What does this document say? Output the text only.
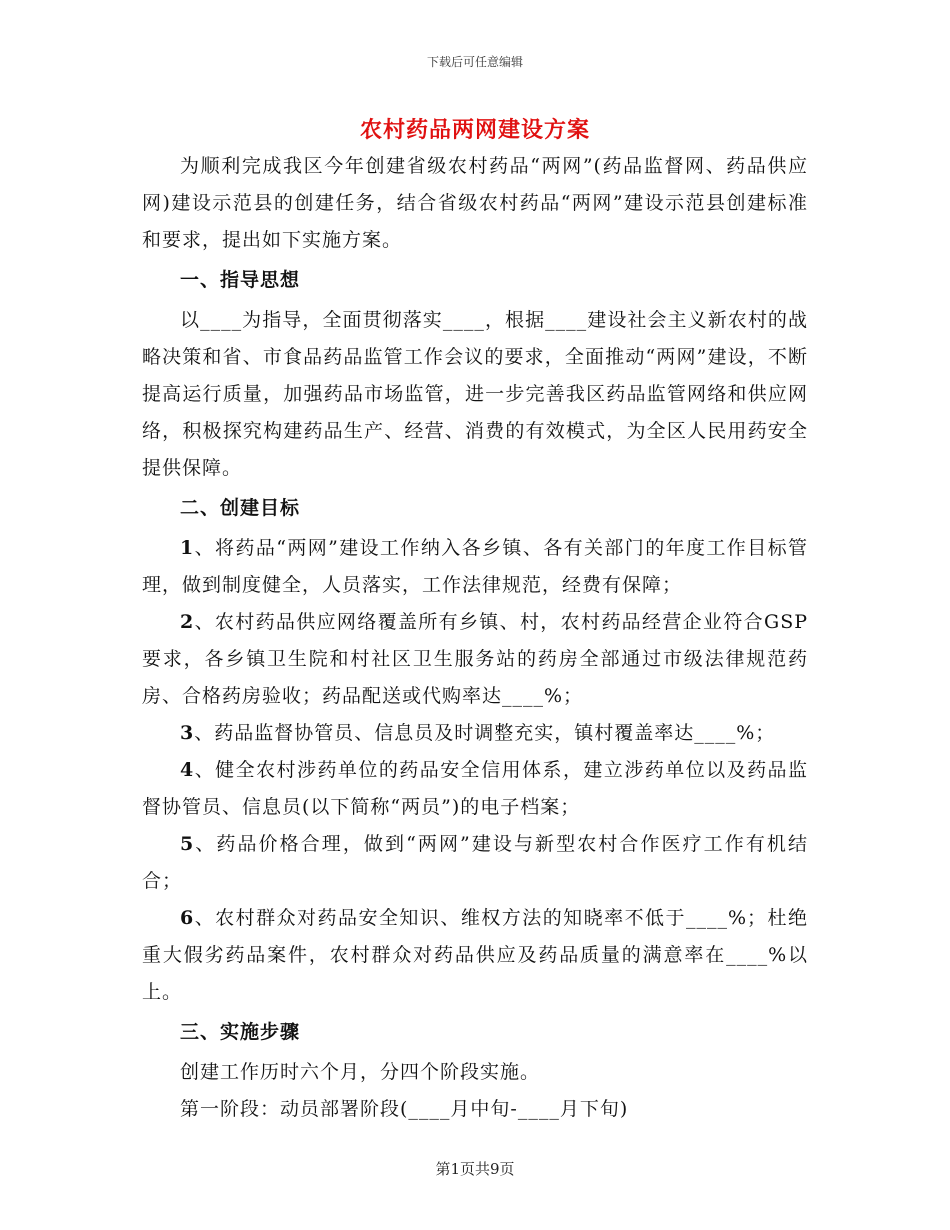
下载后可任意编辑
农村药品两网建设方案

为顺利完成我区今年创建省级农村药品“两网”(药品监督网、药品供应网)建设示范县的创建任务，结合省级农村药品“两网”建设示范县创建标准和要求，提出如下实施方案。

一、指导思想

以____为指导，全面贯彻落实____，根据____建设社会主义新农村的战略决策和省、市食品药品监管工作会议的要求，全面推动“两网”建设，不断提高运行质量，加强药品市场监管，进一步完善我区药品监管网络和供应网络，积极探究构建药品生产、经营、消费的有效模式，为全区人民用药安全提供保障。

二、创建目标

1、将药品“两网”建设工作纳入各乡镇、各有关部门的年度工作目标管理，做到制度健全，人员落实，工作法律规范，经费有保障；

2、农村药品供应网络覆盖所有乡镇、村，农村药品经营企业符合GSP要求，各乡镇卫生院和村社区卫生服务站的药房全部通过市级法律规范药房、合格药房验收；药品配送或代购率达____%；

3、药品监督协管员、信息员及时调整充实，镇村覆盖率达____%；

4、健全农村涉药单位的药品安全信用体系，建立涉药单位以及药品监督协管员、信息员(以下简称“两员”)的电子档案；

5、药品价格合理，做到“两网”建设与新型农村合作医疗工作有机结合；

6、农村群众对药品安全知识、维权方法的知晓率不低于____%；杜绝重大假劣药品案件，农村群众对药品供应及药品质量的满意率在____%以上。

三、实施步骤

创建工作历时六个月，分四个阶段实施。

第一阶段：动员部署阶段(____月中旬-____月下旬)

第1页共9页
